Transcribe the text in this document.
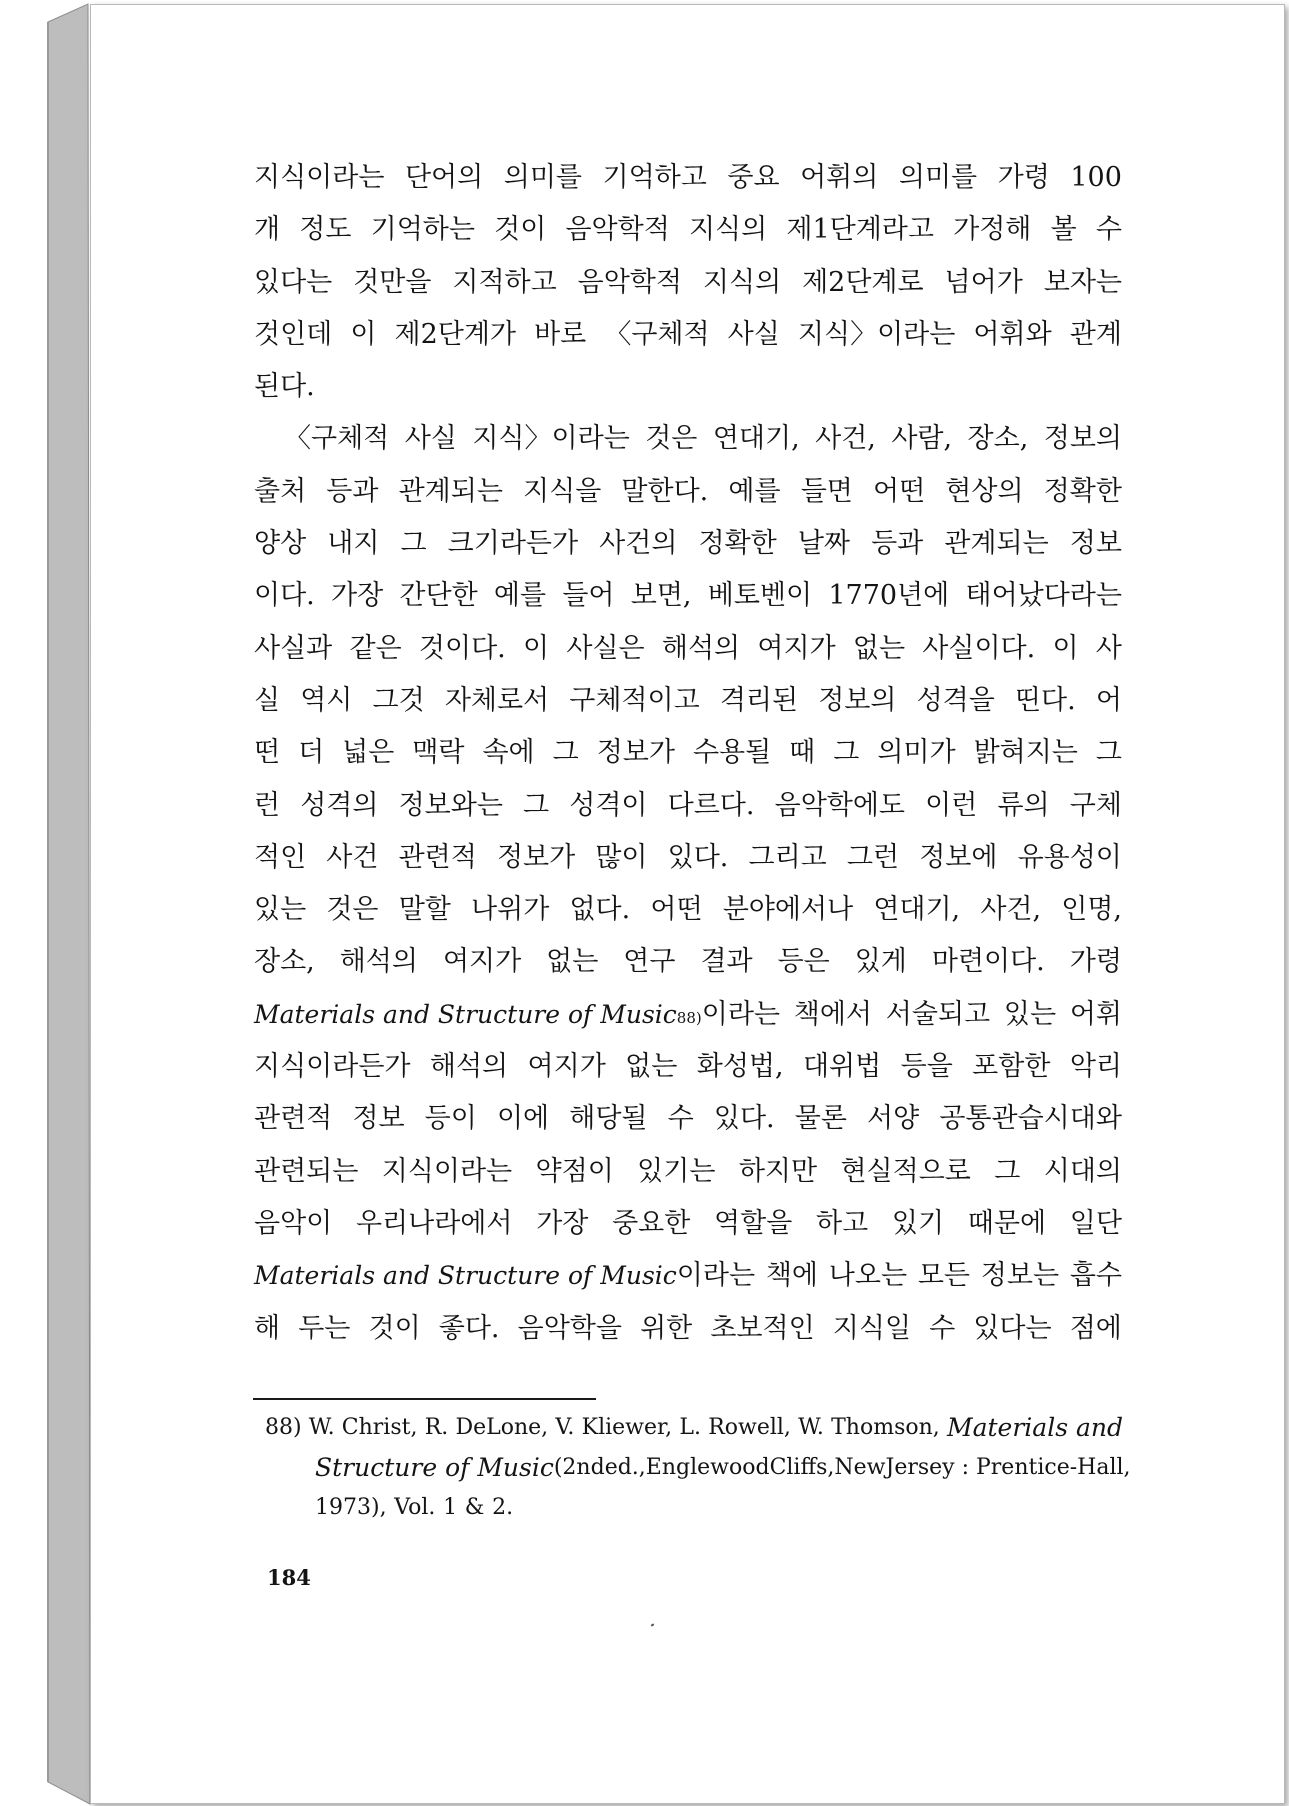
지식이라는 단어의 의미를 기억하고 중요 어휘의 의미를 가령 100
개 정도 기억하는 것이 음악학적 지식의 제1단계라고 가정해 볼 수
있다는 것만을 지적하고 음악학적 지식의 제2단계로 넘어가 보자는
것인데 이 제2단계가 바로 〈구체적 사실 지식〉이라는 어휘와 관계
된다.
〈구체적 사실 지식〉이라는 것은 연대기, 사건, 사람, 장소, 정보의
출처 등과 관계되는 지식을 말한다. 예를 들면 어떤 현상의 정확한
양상 내지 그 크기라든가 사건의 정확한 날짜 등과 관계되는 정보
이다. 가장 간단한 예를 들어 보면, 베토벤이 1770년에 태어났다라는
사실과 같은 것이다. 이 사실은 해석의 여지가 없는 사실이다. 이 사
실 역시 그것 자체로서 구체적이고 격리된 정보의 성격을 띤다. 어
떤 더 넓은 맥락 속에 그 정보가 수용될 때 그 의미가 밝혀지는 그
런 성격의 정보와는 그 성격이 다르다. 음악학에도 이런 류의 구체
적인 사건 관련적 정보가 많이 있다. 그리고 그런 정보에 유용성이
있는 것은 말할 나위가 없다. 어떤 분야에서나 연대기, 사건, 인명,
장소, 해석의 여지가 없는 연구 결과 등은 있게 마련이다. 가령
Materials and Structure of Music 88) 이라는 책에서 서술되고 있는 어휘
지식이라든가 해석의 여지가 없는 화성법, 대위법 등을 포함한 악리
관련적 정보 등이 이에 해당될 수 있다. 물론 서양 공통관습시대와
관련되는 지식이라는 약점이 있기는 하지만 현실적으로 그 시대의
음악이 우리나라에서 가장 중요한 역할을 하고 있기 때문에 일단
Materials and Structure of Music 이라는 책에 나오는 모든 정보는 흡수
해 두는 것이 좋다. 음악학을 위한 초보적인 지식일 수 있다는 점에
88) W. Christ, R. DeLone, V. Kliewer, L. Rowell, W. Thomson, Materials and
Structure of Music (2nd ed., Englewood Cliffs, New Jersey : Prentice-Hall,
1973), Vol. 1 & 2.
184
